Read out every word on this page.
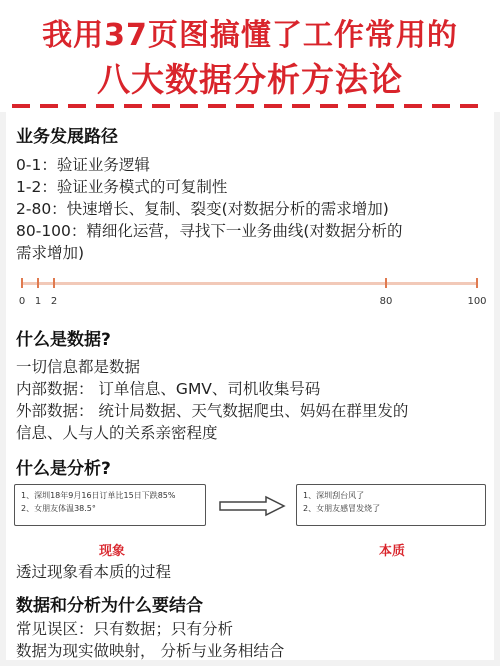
我用37页图搞懂了工作常用的
八大数据分析方法论
业务发展路径
0-1：验证业务逻辑
1-2：验证业务模式的可复制性
2-80：快速增长、复制、裂变(对数据分析的需求增加)
80-100：精细化运营，寻找下一业务曲线(对数据分析的
需求增加)
0 1 2	80	100
什么是数据?
一切信息都是数据
内部数据： 订单信息、GMV、司机收集号码
外部数据： 统计局数据、天气数据爬虫、妈妈在群里发的
信息、人与人的关系亲密程度
什么是分析?
1、深圳18年9月16日订单比15日下跌85%
2、女朋友体温38.5°
1、深圳刮台风了
2、女朋友感冒发烧了
现象	本质
透过现象看本质的过程
数据和分析为什么要结合
常见误区：只有数据；只有分析
数据为现实做映射， 分析与业务相结合
